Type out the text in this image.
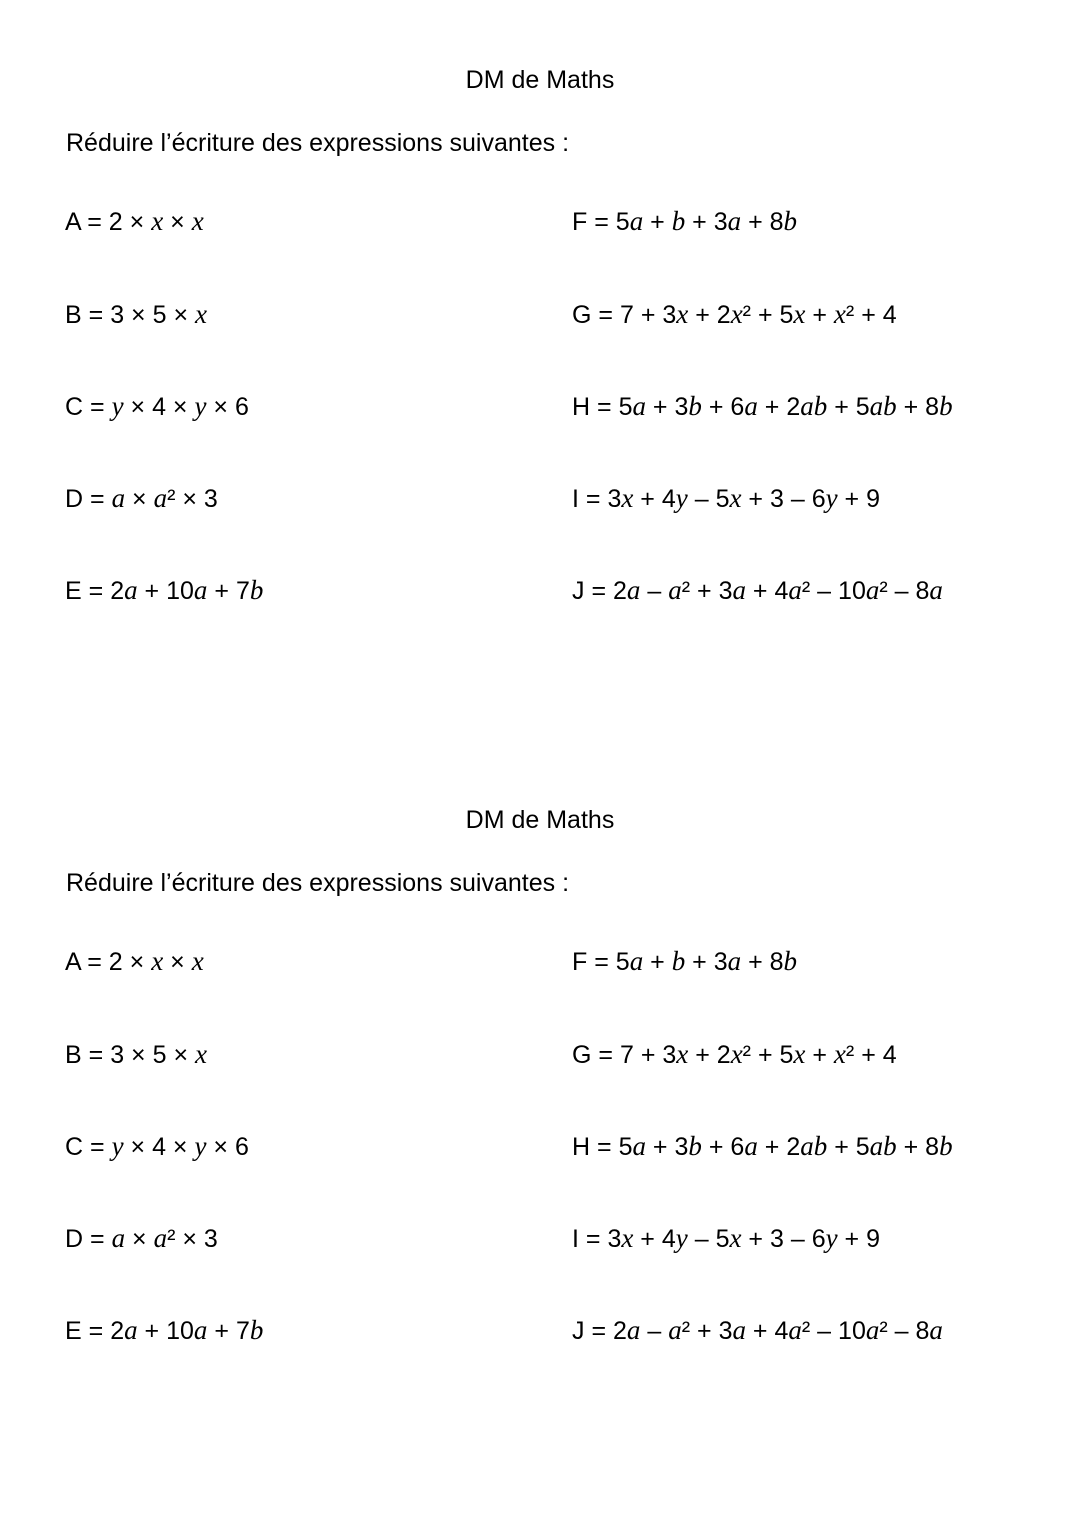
DM de Maths

Réduire l’écriture des expressions suivantes :

A = 2 × x × x
B = 3 × 5 × x
C = y × 4 × y × 6
D = a × a² × 3
E = 2a + 10a + 7b
F = 5a + b + 3a + 8b
G = 7 + 3x + 2x² + 5x + x² + 4
H = 5a + 3b + 6a + 2ab + 5ab + 8b
I = 3x + 4y – 5x + 3 – 6y + 9
J = 2a – a² + 3a + 4a² – 10a² – 8a
DM de Maths

Réduire l’écriture des expressions suivantes :

A = 2 × x × x
B = 3 × 5 × x
C = y × 4 × y × 6
D = a × a² × 3
E = 2a + 10a + 7b
F = 5a + b + 3a + 8b
G = 7 + 3x + 2x² + 5x + x² + 4
H = 5a + 3b + 6a + 2ab + 5ab + 8b
I = 3x + 4y – 5x + 3 – 6y + 9
J = 2a – a² + 3a + 4a² – 10a² – 8a
